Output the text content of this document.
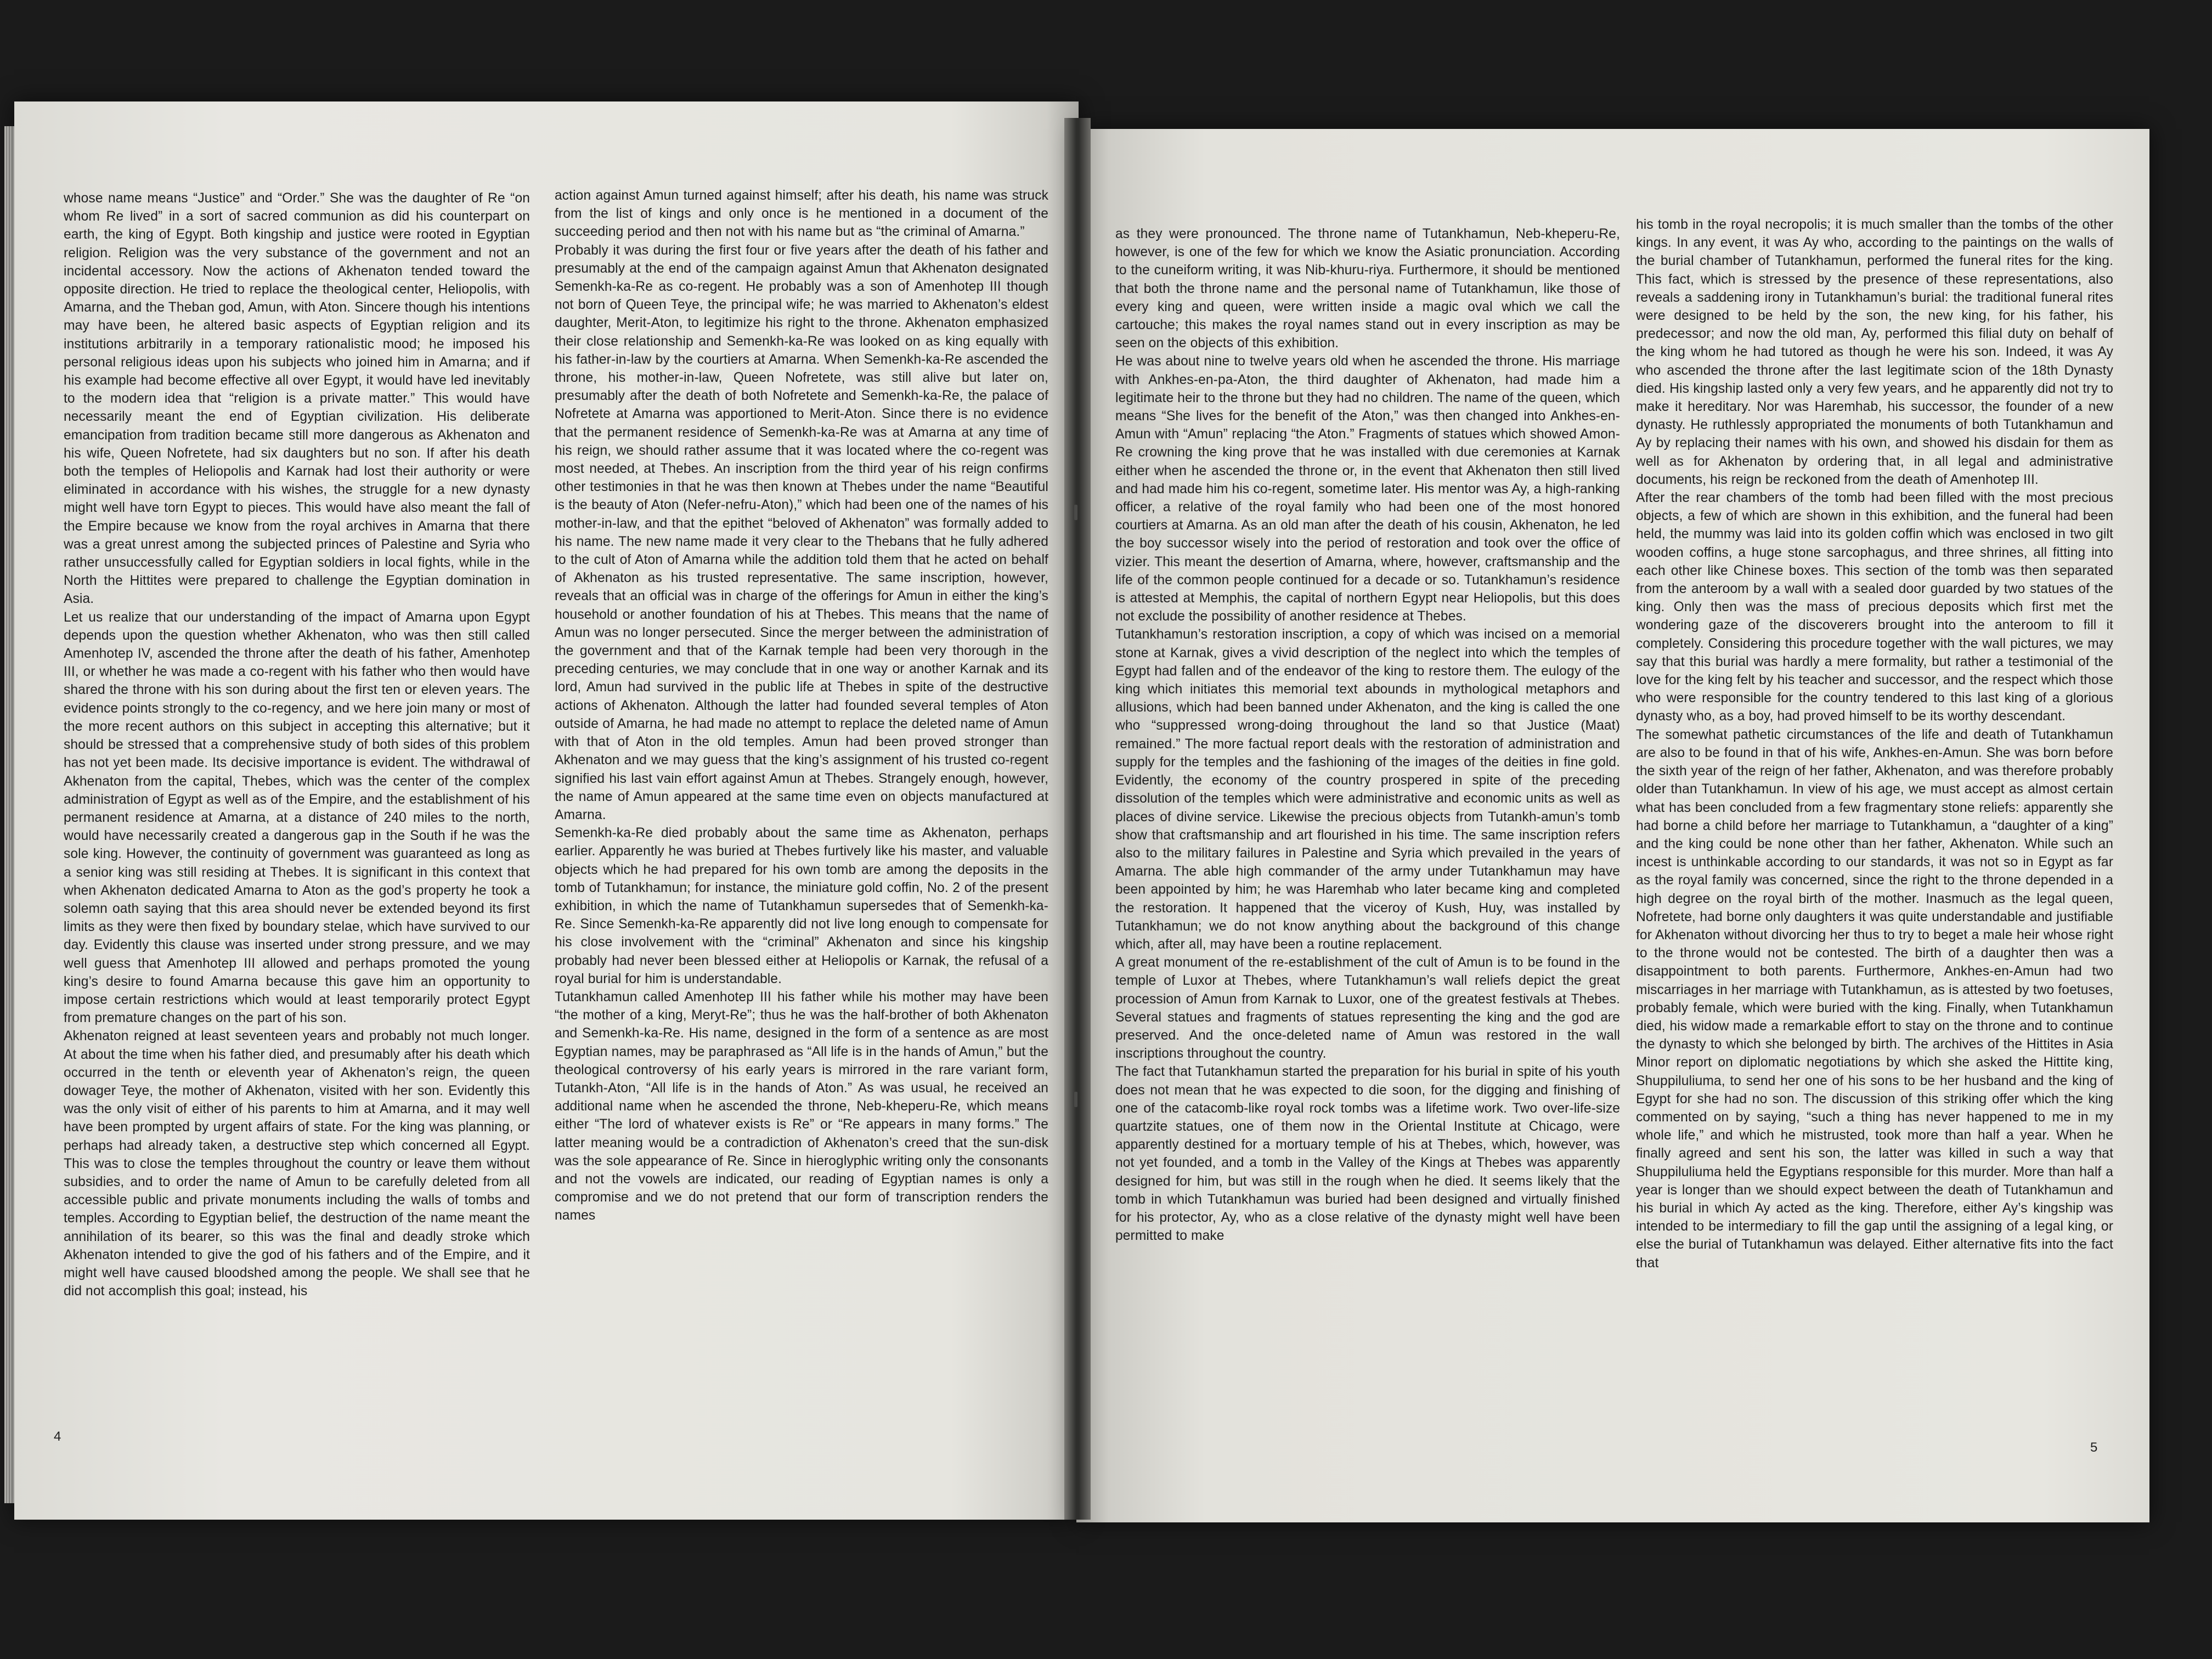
whose name means “Justice” and “Order.” She was the daughter of Re “on whom Re lived” in a sort of sacred communion as did his counterpart on earth, the king of Egypt. Both kingship and justice were rooted in Egyptian religion. Religion was the very substance of the government and not an incidental accessory. Now the actions of Akhenaton tended toward the opposite direction. He tried to replace the theological center, Heliopolis, with Amarna, and the Theban god, Amun, with Aton. Sincere though his intentions may have been, he altered basic aspects of Egyptian religion and its institutions arbitrarily in a temporary rationalistic mood; he imposed his personal religious ideas upon his subjects who joined him in Amarna; and if his example had become effective all over Egypt, it would have led inevitably to the modern idea that “religion is a private matter.” This would have necessarily meant the end of Egyptian civilization. His deliberate emancipation from tradition became still more dangerous as Akhenaton and his wife, Queen Nofretete, had six daughters but no son. If after his death both the temples of Heliopolis and Karnak had lost their authority or were eliminated in accordance with his wishes, the struggle for a new dynasty might well have torn Egypt to pieces. This would have also meant the fall of the Empire because we know from the royal archives in Amarna that there was a great unrest among the subjected princes of Palestine and Syria who rather unsuccessfully called for Egyptian soldiers in local fights, while in the North the Hittites were prepared to challenge the Egyptian domination in Asia.

Let us realize that our understanding of the impact of Amarna upon Egypt depends upon the question whether Akhenaton, who was then still called Amenhotep IV, ascended the throne after the death of his father, Amenhotep III, or whether he was made a co-regent with his father who then would have shared the throne with his son during about the first ten or eleven years. The evidence points strongly to the co-regency, and we here join many or most of the more recent authors on this subject in accepting this alternative; but it should be stressed that a comprehensive study of both sides of this problem has not yet been made. Its decisive importance is evident. The withdrawal of Akhenaton from the capital, Thebes, which was the center of the complex administration of Egypt as well as of the Empire, and the establishment of his permanent residence at Amarna, at a distance of 240 miles to the north, would have necessarily created a dangerous gap in the South if he was the sole king. However, the continuity of government was guaranteed as long as a senior king was still residing at Thebes. It is significant in this context that when Akhenaton dedicated Amarna to Aton as the god’s property he took a solemn oath saying that this area should never be extended beyond its first limits as they were then fixed by boundary stelae, which have survived to our day. Evidently this clause was inserted under strong pressure, and we may well guess that Amenhotep III allowed and perhaps promoted the young king’s desire to found Amarna because this gave him an opportunity to impose certain restrictions which would at least temporarily protect Egypt from premature changes on the part of his son.

Akhenaton reigned at least seventeen years and probably not much longer. At about the time when his father died, and presumably after his death which occurred in the tenth or eleventh year of Akhenaton’s reign, the queen dowager Teye, the mother of Akhenaton, visited with her son. Evidently this was the only visit of either of his parents to him at Amarna, and it may well have been prompted by urgent affairs of state. For the king was planning, or perhaps had already taken, a destructive step which concerned all Egypt. This was to close the temples throughout the country or leave them without subsidies, and to order the name of Amun to be carefully deleted from all accessible public and private monuments including the walls of tombs and temples. According to Egyptian belief, the destruction of the name meant the annihilation of its bearer, so this was the final and deadly stroke which Akhenaton intended to give the god of his fathers and of the Empire, and it might well have caused bloodshed among the people. We shall see that he did not accomplish this goal; instead, his

action against Amun turned against himself; after his death, his name was struck from the list of kings and only once is he mentioned in a document of the succeeding period and then not with his name but as “the criminal of Amarna.”

Probably it was during the first four or five years after the death of his father and presumably at the end of the campaign against Amun that Akhenaton designated Semenkh-ka-Re as co-regent. He probably was a son of Amenhotep III though not born of Queen Teye, the principal wife; he was married to Akhenaton’s eldest daughter, Merit-Aton, to legitimize his right to the throne. Akhenaton emphasized their close relationship and Semenkh-ka-Re was looked on as king equally with his father-in-law by the courtiers at Amarna. When Semenkh-ka-Re ascended the throne, his mother-in-law, Queen Nofretete, was still alive but later on, presumably after the death of both Nofretete and Semenkh-ka-Re, the palace of Nofretete at Amarna was apportioned to Merit-Aton. Since there is no evidence that the permanent residence of Semenkh-ka-Re was at Amarna at any time of his reign, we should rather assume that it was located where the co-regent was most needed, at Thebes. An inscription from the third year of his reign confirms other testimonies in that he was then known at Thebes under the name “Beautiful is the beauty of Aton (Nefer-nefru-Aton),” which had been one of the names of his mother-in-law, and that the epithet “beloved of Akhenaton” was formally added to his name. The new name made it very clear to the Thebans that he fully adhered to the cult of Aton of Amarna while the addition told them that he acted on behalf of Akhenaton as his trusted representative. The same inscription, however, reveals that an official was in charge of the offerings for Amun in either the king’s household or another foundation of his at Thebes. This means that the name of Amun was no longer persecuted. Since the merger between the administration of the government and that of the Karnak temple had been very thorough in the preceding centuries, we may conclude that in one way or another Karnak and its lord, Amun had survived in the public life at Thebes in spite of the destructive actions of Akhenaton. Although the latter had founded several temples of Aton outside of Amarna, he had made no attempt to replace the deleted name of Amun with that of Aton in the old temples. Amun had been proved stronger than Akhenaton and we may guess that the king’s assignment of his trusted co-regent signified his last vain effort against Amun at Thebes. Strangely enough, however, the name of Amun appeared at the same time even on objects manufactured at Amarna.

Semenkh-ka-Re died probably about the same time as Akhenaton, perhaps earlier. Apparently he was buried at Thebes furtively like his master, and valuable objects which he had prepared for his own tomb are among the deposits in the tomb of Tutankhamun; for instance, the miniature gold coffin, No. 2 of the present exhibition, in which the name of Tutankhamun supersedes that of Semenkh-ka-Re. Since Semenkh-ka-Re apparently did not live long enough to compensate for his close involvement with the “criminal” Akhenaton and since his kingship probably had never been blessed either at Heliopolis or Karnak, the refusal of a royal burial for him is understandable.

Tutankhamun called Amenhotep III his father while his mother may have been “the mother of a king, Meryt-Re”; thus he was the half-brother of both Akhenaton and Semenkh-ka-Re. His name, designed in the form of a sentence as are most Egyptian names, may be paraphrased as “All life is in the hands of Amun,” but the theological controversy of his early years is mirrored in the rare variant form, Tutankh-Aton, “All life is in the hands of Aton.” As was usual, he received an additional name when he ascended the throne, Neb-kheperu-Re, which means either “The lord of whatever exists is Re” or “Re appears in many forms.” The latter meaning would be a contradiction of Akhenaton’s creed that the sun-disk was the sole appearance of Re. Since in hieroglyphic writing only the consonants and not the vowels are indicated, our reading of Egyptian names is only a compromise and we do not pretend that our form of transcription renders the names

4

as they were pronounced. The throne name of Tutankhamun, Neb-kheperu-Re, however, is one of the few for which we know the Asiatic pronunciation. According to the cuneiform writing, it was Nib-khuru-riya. Furthermore, it should be mentioned that both the throne name and the personal name of Tutankhamun, like those of every king and queen, were written inside a magic oval which we call the cartouche; this makes the royal names stand out in every inscription as may be seen on the objects of this exhibition.

He was about nine to twelve years old when he ascended the throne. His marriage with Ankhes-en-pa-Aton, the third daughter of Akhenaton, had made him a legitimate heir to the throne but they had no children. The name of the queen, which means “She lives for the benefit of the Aton,” was then changed into Ankhes-en-Amun with “Amun” replacing “the Aton.” Fragments of statues which showed Amon-Re crowning the king prove that he was installed with due ceremonies at Karnak either when he ascended the throne or, in the event that Akhenaton then still lived and had made him his co-regent, sometime later. His mentor was Ay, a high-ranking officer, a relative of the royal family who had been one of the most honored courtiers at Amarna. As an old man after the death of his cousin, Akhenaton, he led the boy successor wisely into the period of restoration and took over the office of vizier. This meant the desertion of Amarna, where, however, craftsmanship and the life of the common people continued for a decade or so. Tutankhamun’s residence is attested at Memphis, the capital of northern Egypt near Heliopolis, but this does not exclude the possibility of another residence at Thebes.

Tutankhamun’s restoration inscription, a copy of which was incised on a memorial stone at Karnak, gives a vivid description of the neglect into which the temples of Egypt had fallen and of the endeavor of the king to restore them. The eulogy of the king which initiates this memorial text abounds in mythological metaphors and allusions, which had been banned under Akhenaton, and the king is called the one who “suppressed wrong-doing throughout the land so that Justice (Maat) remained.” The more factual report deals with the restoration of administration and supply for the temples and the fashioning of the images of the deities in fine gold. Evidently, the economy of the country prospered in spite of the preceding dissolution of the temples which were administrative and economic units as well as places of divine service. Likewise the precious objects from Tutankh-amun’s tomb show that craftsmanship and art flourished in his time. The same inscription refers also to the military failures in Palestine and Syria which prevailed in the years of Amarna. The able high commander of the army under Tutankhamun may have been appointed by him; he was Haremhab who later became king and completed the restoration. It happened that the viceroy of Kush, Huy, was installed by Tutankhamun; we do not know anything about the background of this change which, after all, may have been a routine replacement.

A great monument of the re-establishment of the cult of Amun is to be found in the temple of Luxor at Thebes, where Tutankhamun’s wall reliefs depict the great procession of Amun from Karnak to Luxor, one of the greatest festivals at Thebes. Several statues and fragments of statues representing the king and the god are preserved. And the once-deleted name of Amun was restored in the wall inscriptions throughout the country.

The fact that Tutankhamun started the preparation for his burial in spite of his youth does not mean that he was expected to die soon, for the digging and finishing of one of the catacomb-like royal rock tombs was a lifetime work. Two over-life-size quartzite statues, one of them now in the Oriental Institute at Chicago, were apparently destined for a mortuary temple of his at Thebes, which, however, was not yet founded, and a tomb in the Valley of the Kings at Thebes was apparently designed for him, but was still in the rough when he died. It seems likely that the tomb in which Tutankhamun was buried had been designed and virtually finished for his protector, Ay, who as a close relative of the dynasty might well have been permitted to make

his tomb in the royal necropolis; it is much smaller than the tombs of the other kings. In any event, it was Ay who, according to the paintings on the walls of the burial chamber of Tutankhamun, performed the funeral rites for the king. This fact, which is stressed by the presence of these representations, also reveals a saddening irony in Tutankhamun’s burial: the traditional funeral rites were designed to be held by the son, the new king, for his father, his predecessor; and now the old man, Ay, performed this filial duty on behalf of the king whom he had tutored as though he were his son. Indeed, it was Ay who ascended the throne after the last legitimate scion of the 18th Dynasty died. His kingship lasted only a very few years, and he apparently did not try to make it hereditary. Nor was Haremhab, his successor, the founder of a new dynasty. He ruthlessly appropriated the monuments of both Tutankhamun and Ay by replacing their names with his own, and showed his disdain for them as well as for Akhenaton by ordering that, in all legal and administrative documents, his reign be reckoned from the death of Amenhotep III.

After the rear chambers of the tomb had been filled with the most precious objects, a few of which are shown in this exhibition, and the funeral had been held, the mummy was laid into its golden coffin which was enclosed in two gilt wooden coffins, a huge stone sarcophagus, and three shrines, all fitting into each other like Chinese boxes. This section of the tomb was then separated from the anteroom by a wall with a sealed door guarded by two statues of the king. Only then was the mass of precious deposits which first met the wondering gaze of the discoverers brought into the anteroom to fill it completely. Considering this procedure together with the wall pictures, we may say that this burial was hardly a mere formality, but rather a testimonial of the love for the king felt by his teacher and successor, and the respect which those who were responsible for the country tendered to this last king of a glorious dynasty who, as a boy, had proved himself to be its worthy descendant.

The somewhat pathetic circumstances of the life and death of Tutankhamun are also to be found in that of his wife, Ankhes-en-Amun. She was born before the sixth year of the reign of her father, Akhenaton, and was therefore probably older than Tutankhamun. In view of his age, we must accept as almost certain what has been concluded from a few fragmentary stone reliefs: apparently she had borne a child before her marriage to Tutankhamun, a “daughter of a king” and the king could be none other than her father, Akhenaton. While such an incest is unthinkable according to our standards, it was not so in Egypt as far as the royal family was concerned, since the right to the throne depended in a high degree on the royal birth of the mother. Inasmuch as the legal queen, Nofretete, had borne only daughters it was quite understandable and justifiable for Akhenaton without divorcing her thus to try to beget a male heir whose right to the throne would not be contested. The birth of a daughter then was a disappointment to both parents. Furthermore, Ankhes-en-Amun had two miscarriages in her marriage with Tutankhamun, as is attested by two foetuses, probably female, which were buried with the king. Finally, when Tutankhamun died, his widow made a remarkable effort to stay on the throne and to continue the dynasty to which she belonged by birth. The archives of the Hittites in Asia Minor report on diplomatic negotiations by which she asked the Hittite king, Shuppiluliuma, to send her one of his sons to be her husband and the king of Egypt for she had no son. The discussion of this striking offer which the king commented on by saying, “such a thing has never happened to me in my whole life,” and which he mistrusted, took more than half a year. When he finally agreed and sent his son, the latter was killed in such a way that Shuppiluliuma held the Egyptians responsible for this murder. More than half a year is longer than we should expect between the death of Tutankhamun and his burial in which Ay acted as the king. Therefore, either Ay’s kingship was intended to be intermediary to fill the gap until the assigning of a legal king, or else the burial of Tutankhamun was delayed. Either alternative fits into the fact that

5
